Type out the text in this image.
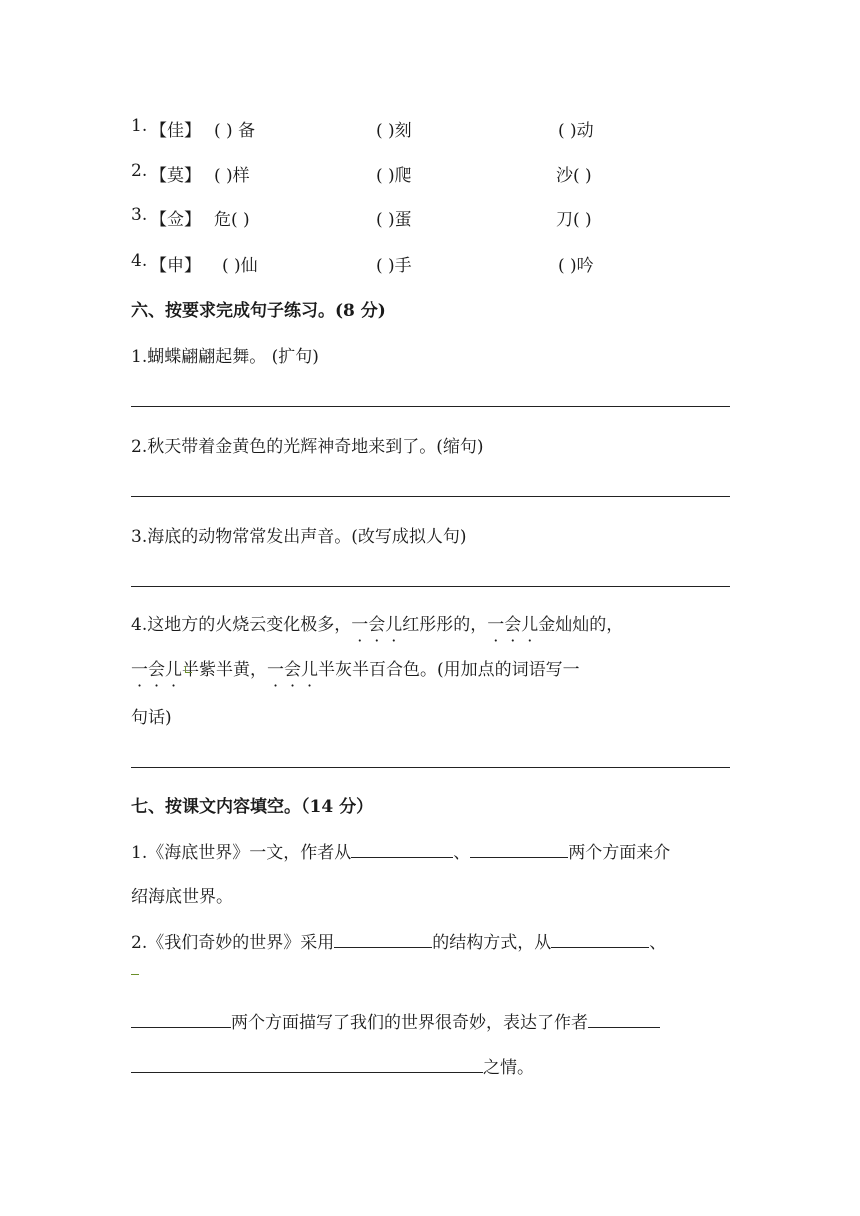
1. 【佳】 ( ) 备	( )刻	( )动
2. 【莫】 ( )样	( )爬	沙( )
3. 【佥】 危( )	( )蛋	刀( )
4. 【申】 ( )仙	( )手	( )吟
六、按要求完成句子练习。(8 分)
1.蝴蝶翩翩起舞。 (扩句)
2.秋天带着金黄色的光辉神奇地来到了。(缩句)
3.海底的动物常常发出声音。(改写成拟人句)
4.这地方的火烧云变化极多，一会儿红彤彤的，一会儿金灿灿的，
一会儿半紫半黄，一会儿半灰半百合色。(用加点的词语写一
句话)
七、按课文内容填空。（14 分）
1.《海底世界》一文，作者从	、	两个方面来介
绍海底世界。
2.《我们奇妙的世界》采用	的结构方式，从	、
两个方面描写了我们的世界很奇妙，表达了作者
之情。
